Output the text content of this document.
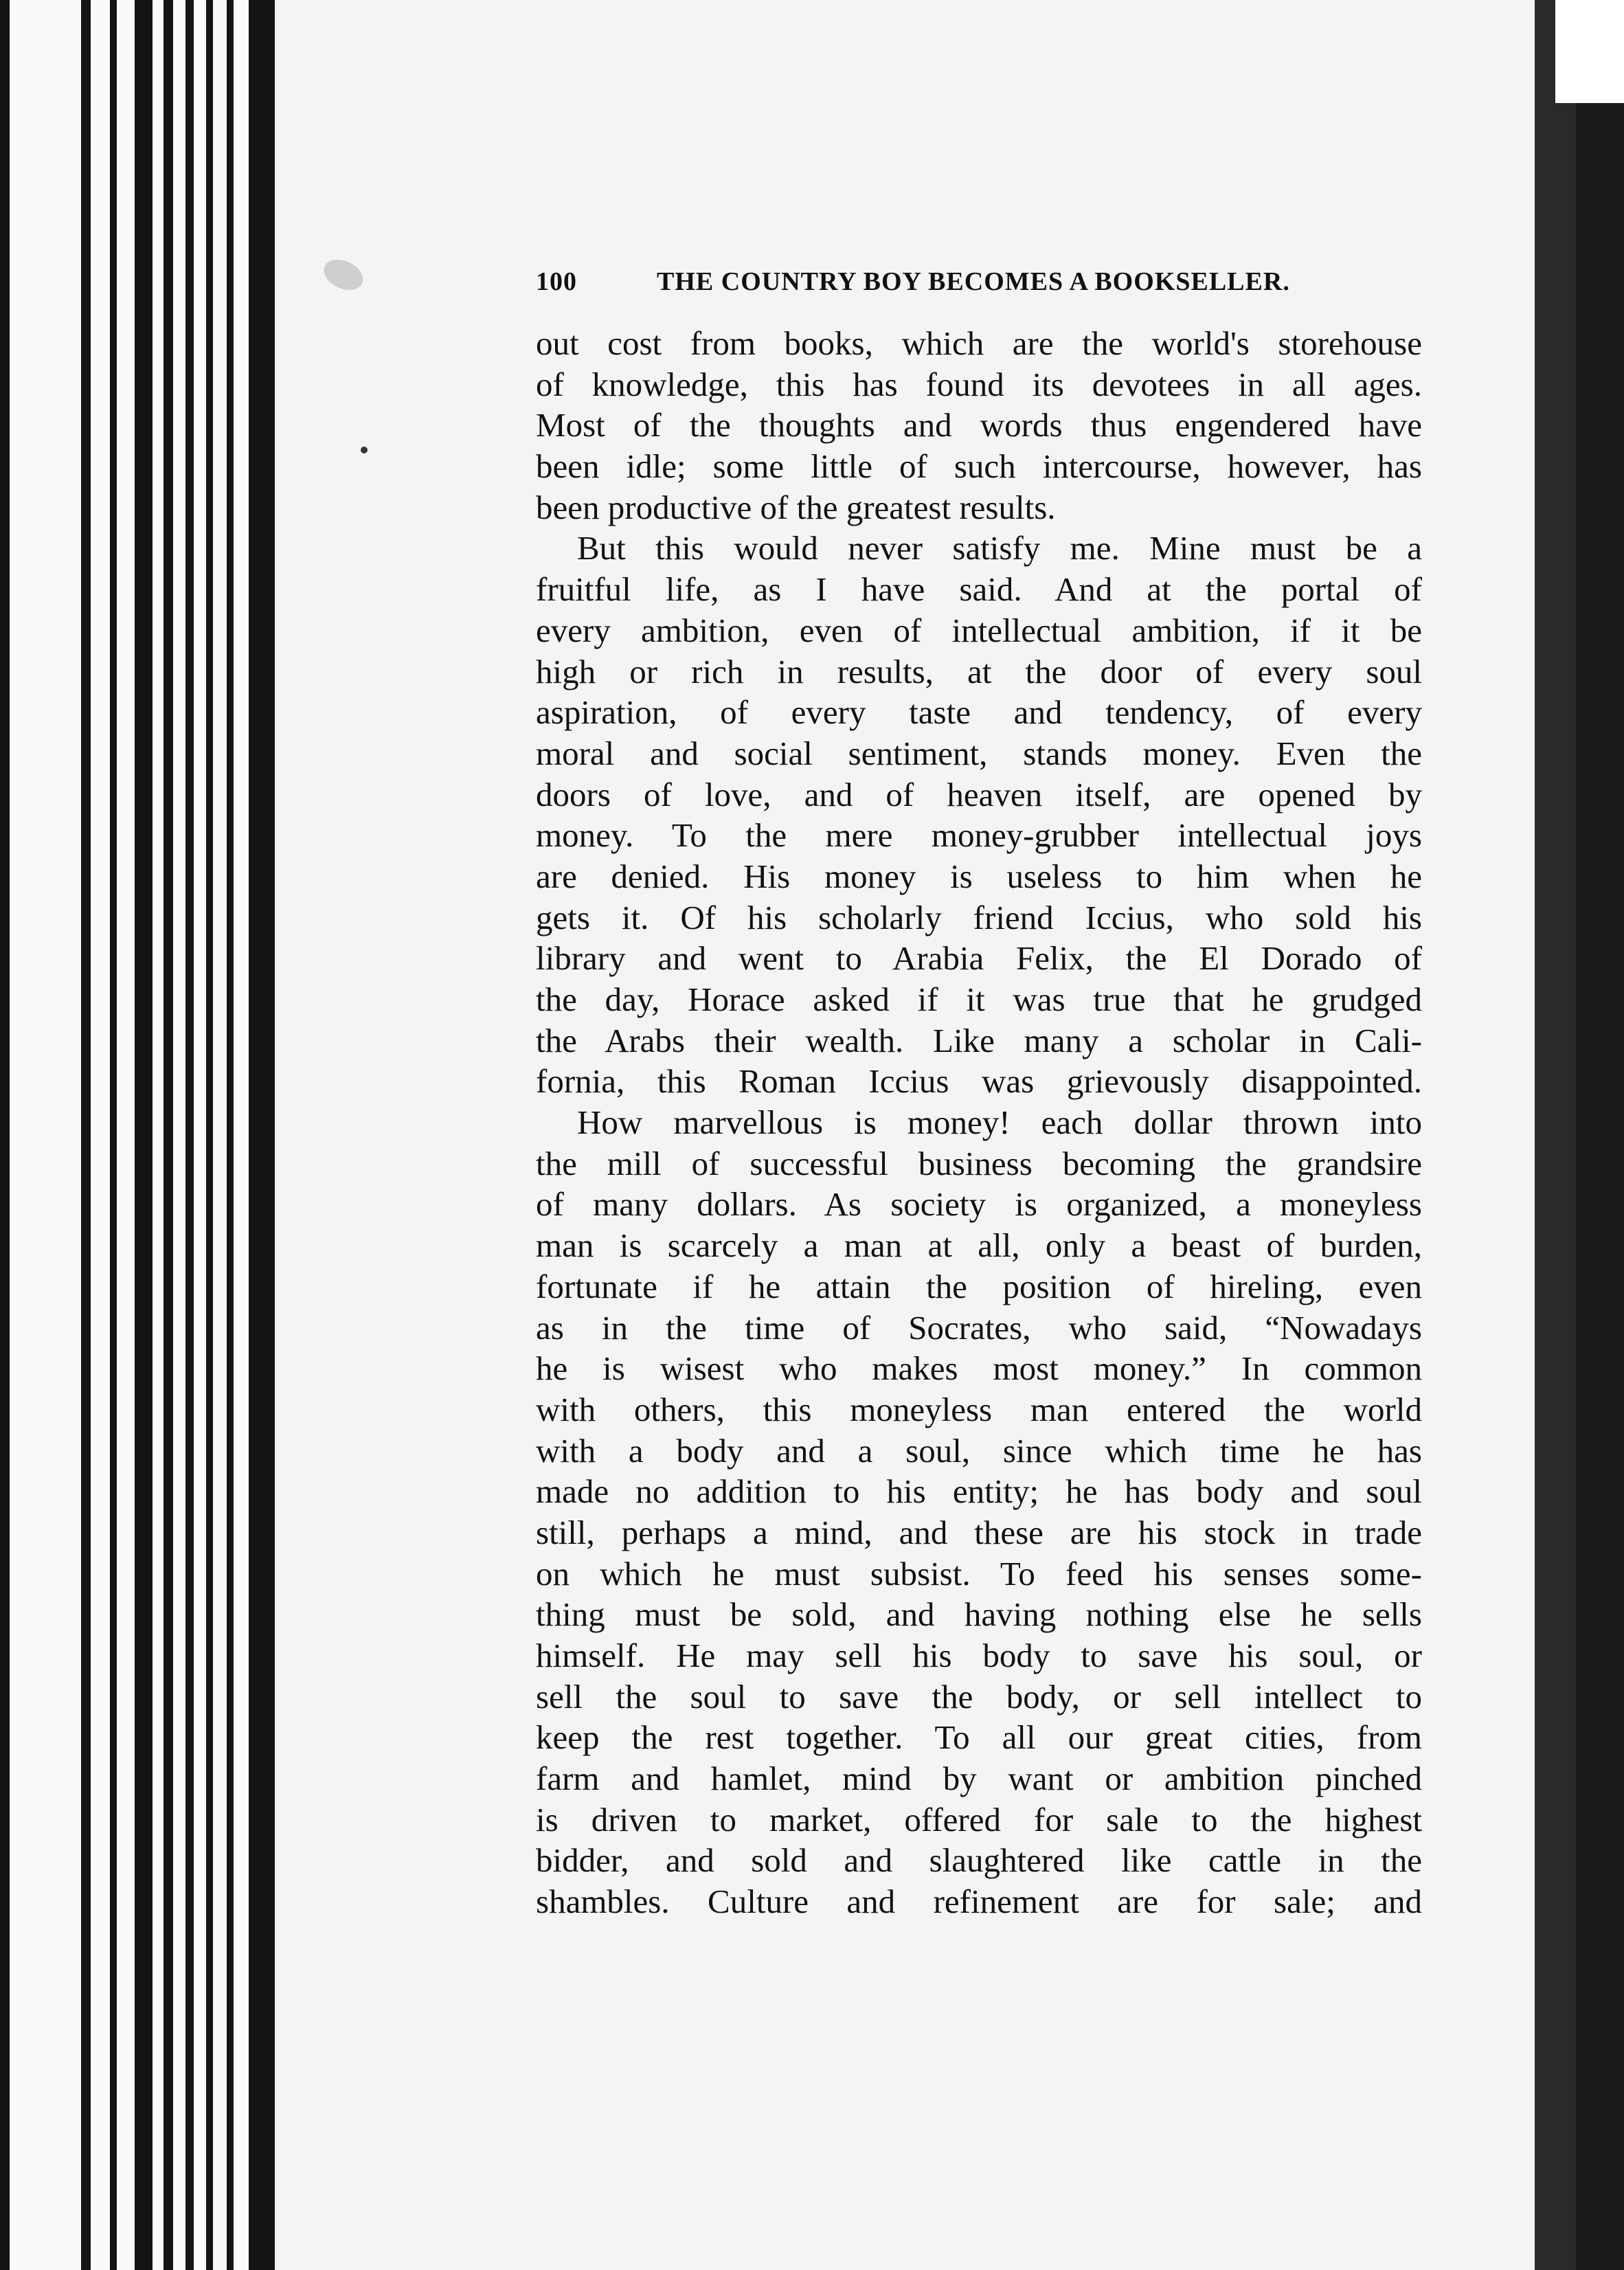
100	THE COUNTRY BOY BECOMES A BOOKSELLER.
out cost from books, which are the world's storehouse
of knowledge, this has found its devotees in all ages.
Most of the thoughts and words thus engendered have
been idle; some little of such intercourse, however, has
been productive of the greatest results.
But this would never satisfy me. Mine must be a
fruitful life, as I have said. And at the portal of
every ambition, even of intellectual ambition, if it be
high or rich in results, at the door of every soul
aspiration, of every taste and tendency, of every
moral and social sentiment, stands money. Even the
doors of love, and of heaven itself, are opened by
money. To the mere money-grubber intellectual joys
are denied. His money is useless to him when he
gets it. Of his scholarly friend Iccius, who sold his
library and went to Arabia Felix, the El Dorado of
the day, Horace asked if it was true that he grudged
the Arabs their wealth. Like many a scholar in Cali-
fornia, this Roman Iccius was grievously disappointed.
How marvellous is money! each dollar thrown into
the mill of successful business becoming the grandsire
of many dollars. As society is organized, a moneyless
man is scarcely a man at all, only a beast of burden,
fortunate if he attain the position of hireling, even
as in the time of Socrates, who said, “Nowadays
he is wisest who makes most money.” In common
with others, this moneyless man entered the world
with a body and a soul, since which time he has
made no addition to his entity; he has body and soul
still, perhaps a mind, and these are his stock in trade
on which he must subsist. To feed his senses some-
thing must be sold, and having nothing else he sells
himself. He may sell his body to save his soul, or
sell the soul to save the body, or sell intellect to
keep the rest together. To all our great cities, from
farm and hamlet, mind by want or ambition pinched
is driven to market, offered for sale to the highest
bidder, and sold and slaughtered like cattle in the
shambles. Culture and refinement are for sale; and
